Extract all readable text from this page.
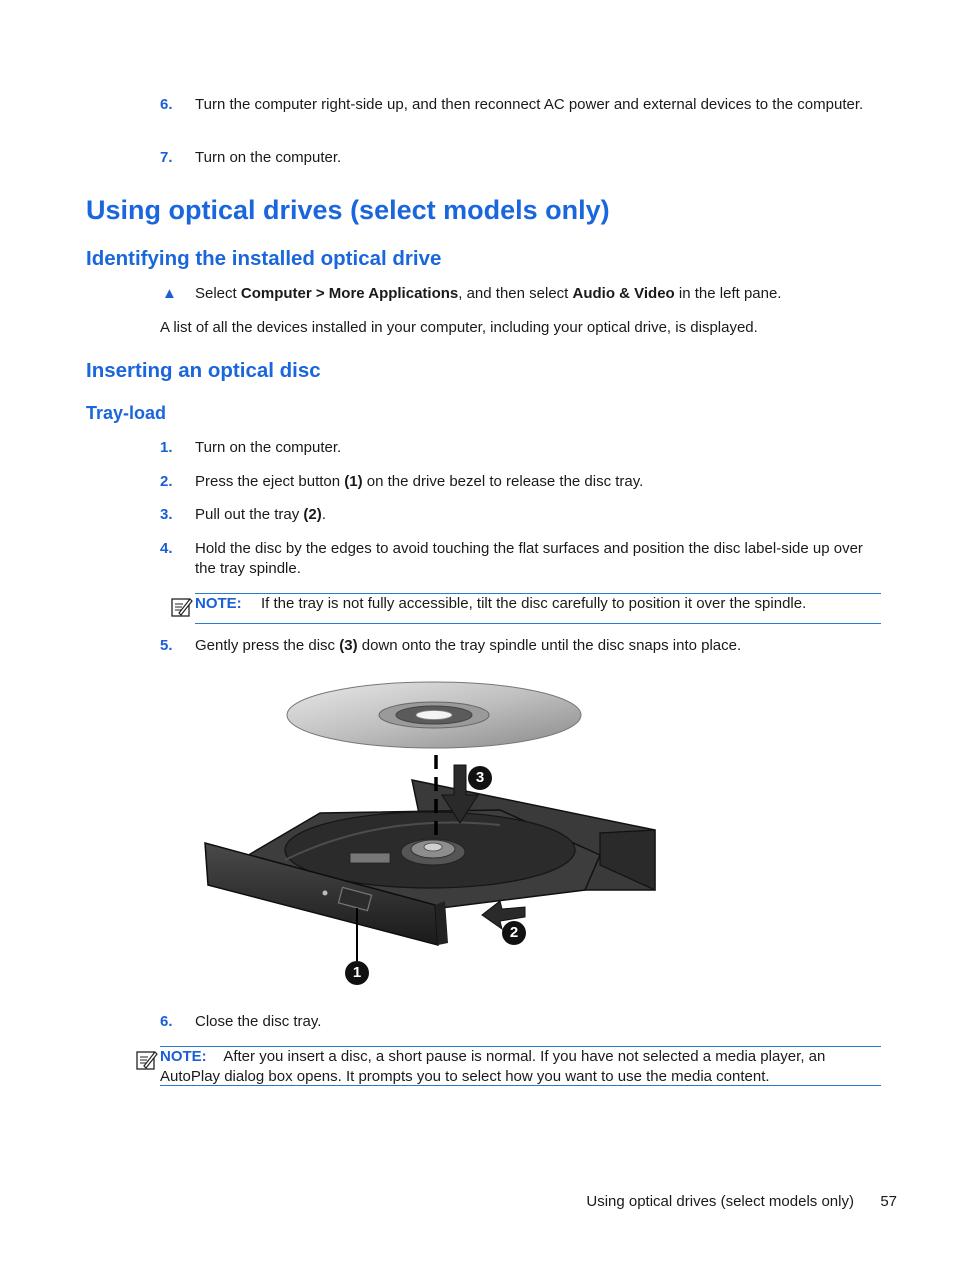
6. Turn the computer right-side up, and then reconnect AC power and external devices to the computer.
7. Turn on the computer.
Using optical drives (select models only)
Identifying the installed optical drive
▲ Select Computer > More Applications, and then select Audio & Video in the left pane.
A list of all the devices installed in your computer, including your optical drive, is displayed.
Inserting an optical disc
Tray-load
1. Turn on the computer.
2. Press the eject button (1) on the drive bezel to release the disc tray.
3. Pull out the tray (2).
4. Hold the disc by the edges to avoid touching the flat surfaces and position the disc label-side up over the tray spindle.
NOTE: If the tray is not fully accessible, tilt the disc carefully to position it over the spindle.
5. Gently press the disc (3) down onto the tray spindle until the disc snaps into place.
3
2
1
6. Close the disc tray.
NOTE: After you insert a disc, a short pause is normal. If you have not selected a media player, an AutoPlay dialog box opens. It prompts you to select how you want to use the media content.
Using optical drives (select models only) 57
